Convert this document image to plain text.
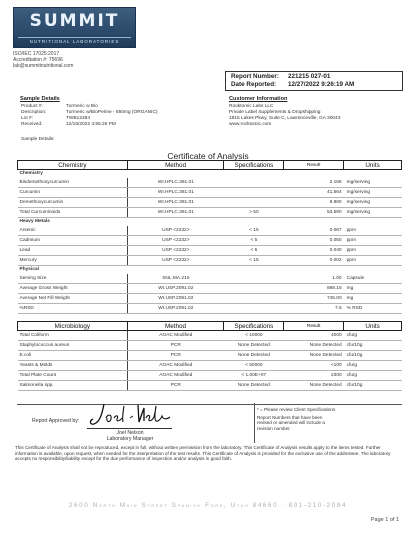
SUMMIT
NUTRITIONAL LABORATORIES
ISO/IEC 17025:2017
Accreditation #: 75696
lab@summitnutritional.com
Report Number: 221215 027-01
Date Reported: 12/27/2022 9:26:19 AM
Sample Details
Product #:	Turmeric w Bio
Description:	Turmeric w/BioPerine - 650mg (ORGANIC)
Lot #:	TWB12284
Received:	12/15/2022 4:55:26 PM
Customer Information
Rooktomic Labs LLC
Private Label Supplements & Dropshipping
1815 Lakes Pkwy, Suite C, Lawrenceville, GA 30043
www.rocktomic.com
Sample Details:
Certificate of Analysis
Chemistry	Method	Specifications	Result	Units
Chemistry				
Bisdemethoxycurcumin	WI.HPLC.381.01		2.166	mg/serving
Curcumin	WI.HPLC.381.01		41.564	mg/serving
Demethoxycurcumin	WI.HPLC.381.01		9.860	mg/serving
Total Curcuminoids	WI.HPLC.381.01	> 50	53.590	mg/serving
Heavy Metals				
Arsenic	USP <2232>	< 15	0.067	ppm
Cadmium	USP <2232>	< 5	0.050	ppm
Lead	USP <2232>	< 5	0.040	ppm
Mercury	USP <2232>	< 15	0.002	ppm
Physical				
Serving Size	SNL.MA.210		1.00	Capsule
Average Gross Weight	WI.USP.2091.02		868.18	mg
Average Net Fill Weight	WI.USP.2091.02		745.00	mg
%RSD	WI.USP.2091.02		7.6	% RSD
Microbiology	Method	Specifications	Result	Units
Total Coliform	AOAC Modified	< 10000	4000	cfu/g
Staphylococcus aureus	PCR	None Detected	None Detected	cfu/10g
E.coli	PCR	None Detected	None Detected	cfu/10g
Yeasts & Molds	AOAC Modified	< 50000	<100	cfu/g
Total Plate Count	AOAC Modified	< 1.00E+07	2300	cfu/g
Salmonella spp.	PCR	None Detected	None Detected	cfu/10g
Report Approved by:
Joel Nelson
Laboratory Manager
* = Please review Client Specifications
Report Numbers that have been revised or amended will include a revision number.
This Certificate of Analysis shall not be reproduced, except in full, without written permission from the laboratory. This Certificate of Analysis results apply to the items tested. Further information is available, upon request, when needed for the interpretation of the test results. This Certificate of Analysis is provided for the exclusive use of the addressee. The laboratory accepts no responsibility/liability except for the due performance of inspection and/or analysis in good faith.
2600 North Main Street Spanish Fork, Utah 84660 · 801-210-2084
Page 1 of 1
